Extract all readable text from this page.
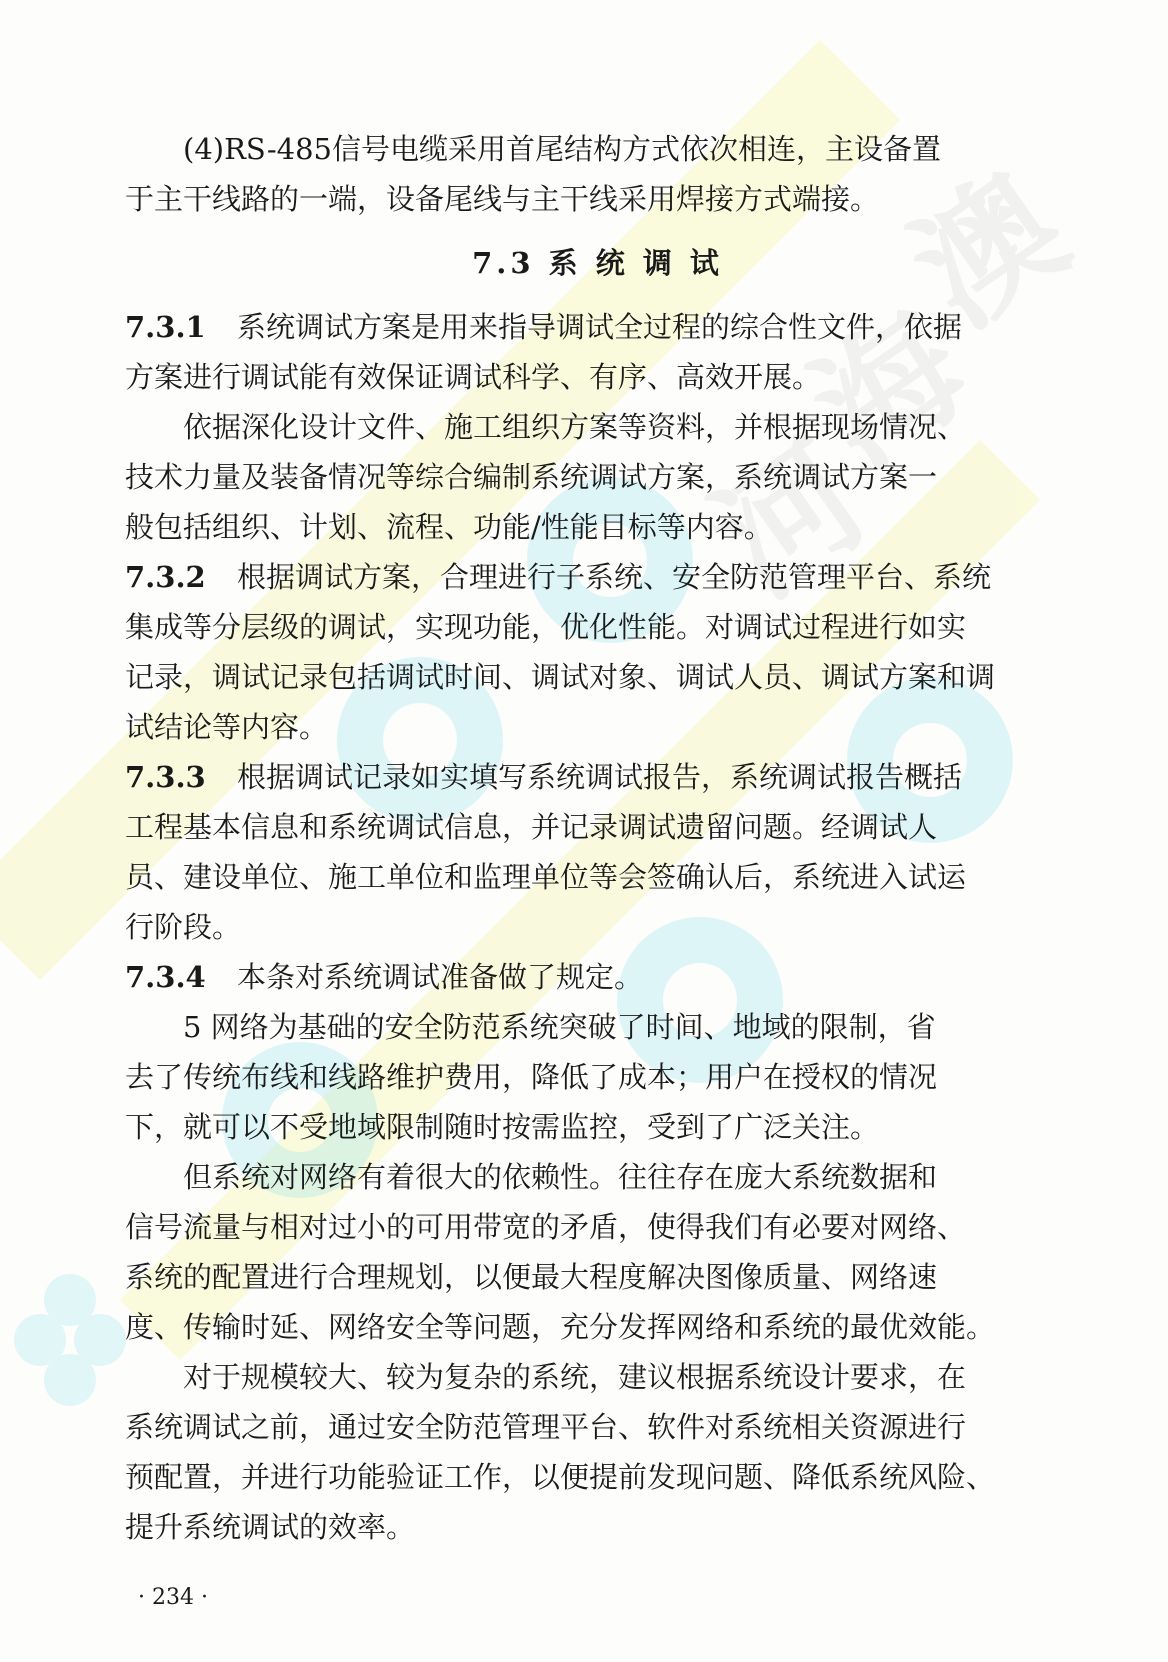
澳
海
河
(4)RS-485信号电缆采用首尾结构方式依次相连，主设备置
于主干线路的一端，设备尾线与主干线采用焊接方式端接。
7.3 系 统 调 试
7.3.1 系统调试方案是用来指导调试全过程的综合性文件，依据
方案进行调试能有效保证调试科学、有序、高效开展。
依据深化设计文件、施工组织方案等资料，并根据现场情况、
技术力量及装备情况等综合编制系统调试方案，系统调试方案一
般包括组织、计划、流程、功能/性能目标等内容。
7.3.2 根据调试方案，合理进行子系统、安全防范管理平台、系统
集成等分层级的调试，实现功能，优化性能。对调试过程进行如实
记录，调试记录包括调试时间、调试对象、调试人员、调试方案和调
试结论等内容。
7.3.3 根据调试记录如实填写系统调试报告，系统调试报告概括
工程基本信息和系统调试信息，并记录调试遗留问题。经调试人
员、建设单位、施工单位和监理单位等会签确认后，系统进入试运
行阶段。
7.3.4 本条对系统调试准备做了规定。
5 网络为基础的安全防范系统突破了时间、地域的限制，省
去了传统布线和线路维护费用，降低了成本；用户在授权的情况
下，就可以不受地域限制随时按需监控，受到了广泛关注。
但系统对网络有着很大的依赖性。往往存在庞大系统数据和
信号流量与相对过小的可用带宽的矛盾，使得我们有必要对网络、
系统的配置进行合理规划，以便最大程度解决图像质量、网络速
度、传输时延、网络安全等问题，充分发挥网络和系统的最优效能。
对于规模较大、较为复杂的系统，建议根据系统设计要求，在
系统调试之前，通过安全防范管理平台、软件对系统相关资源进行
预配置，并进行功能验证工作，以便提前发现问题、降低系统风险、
提升系统调试的效率。
· 234 ·
